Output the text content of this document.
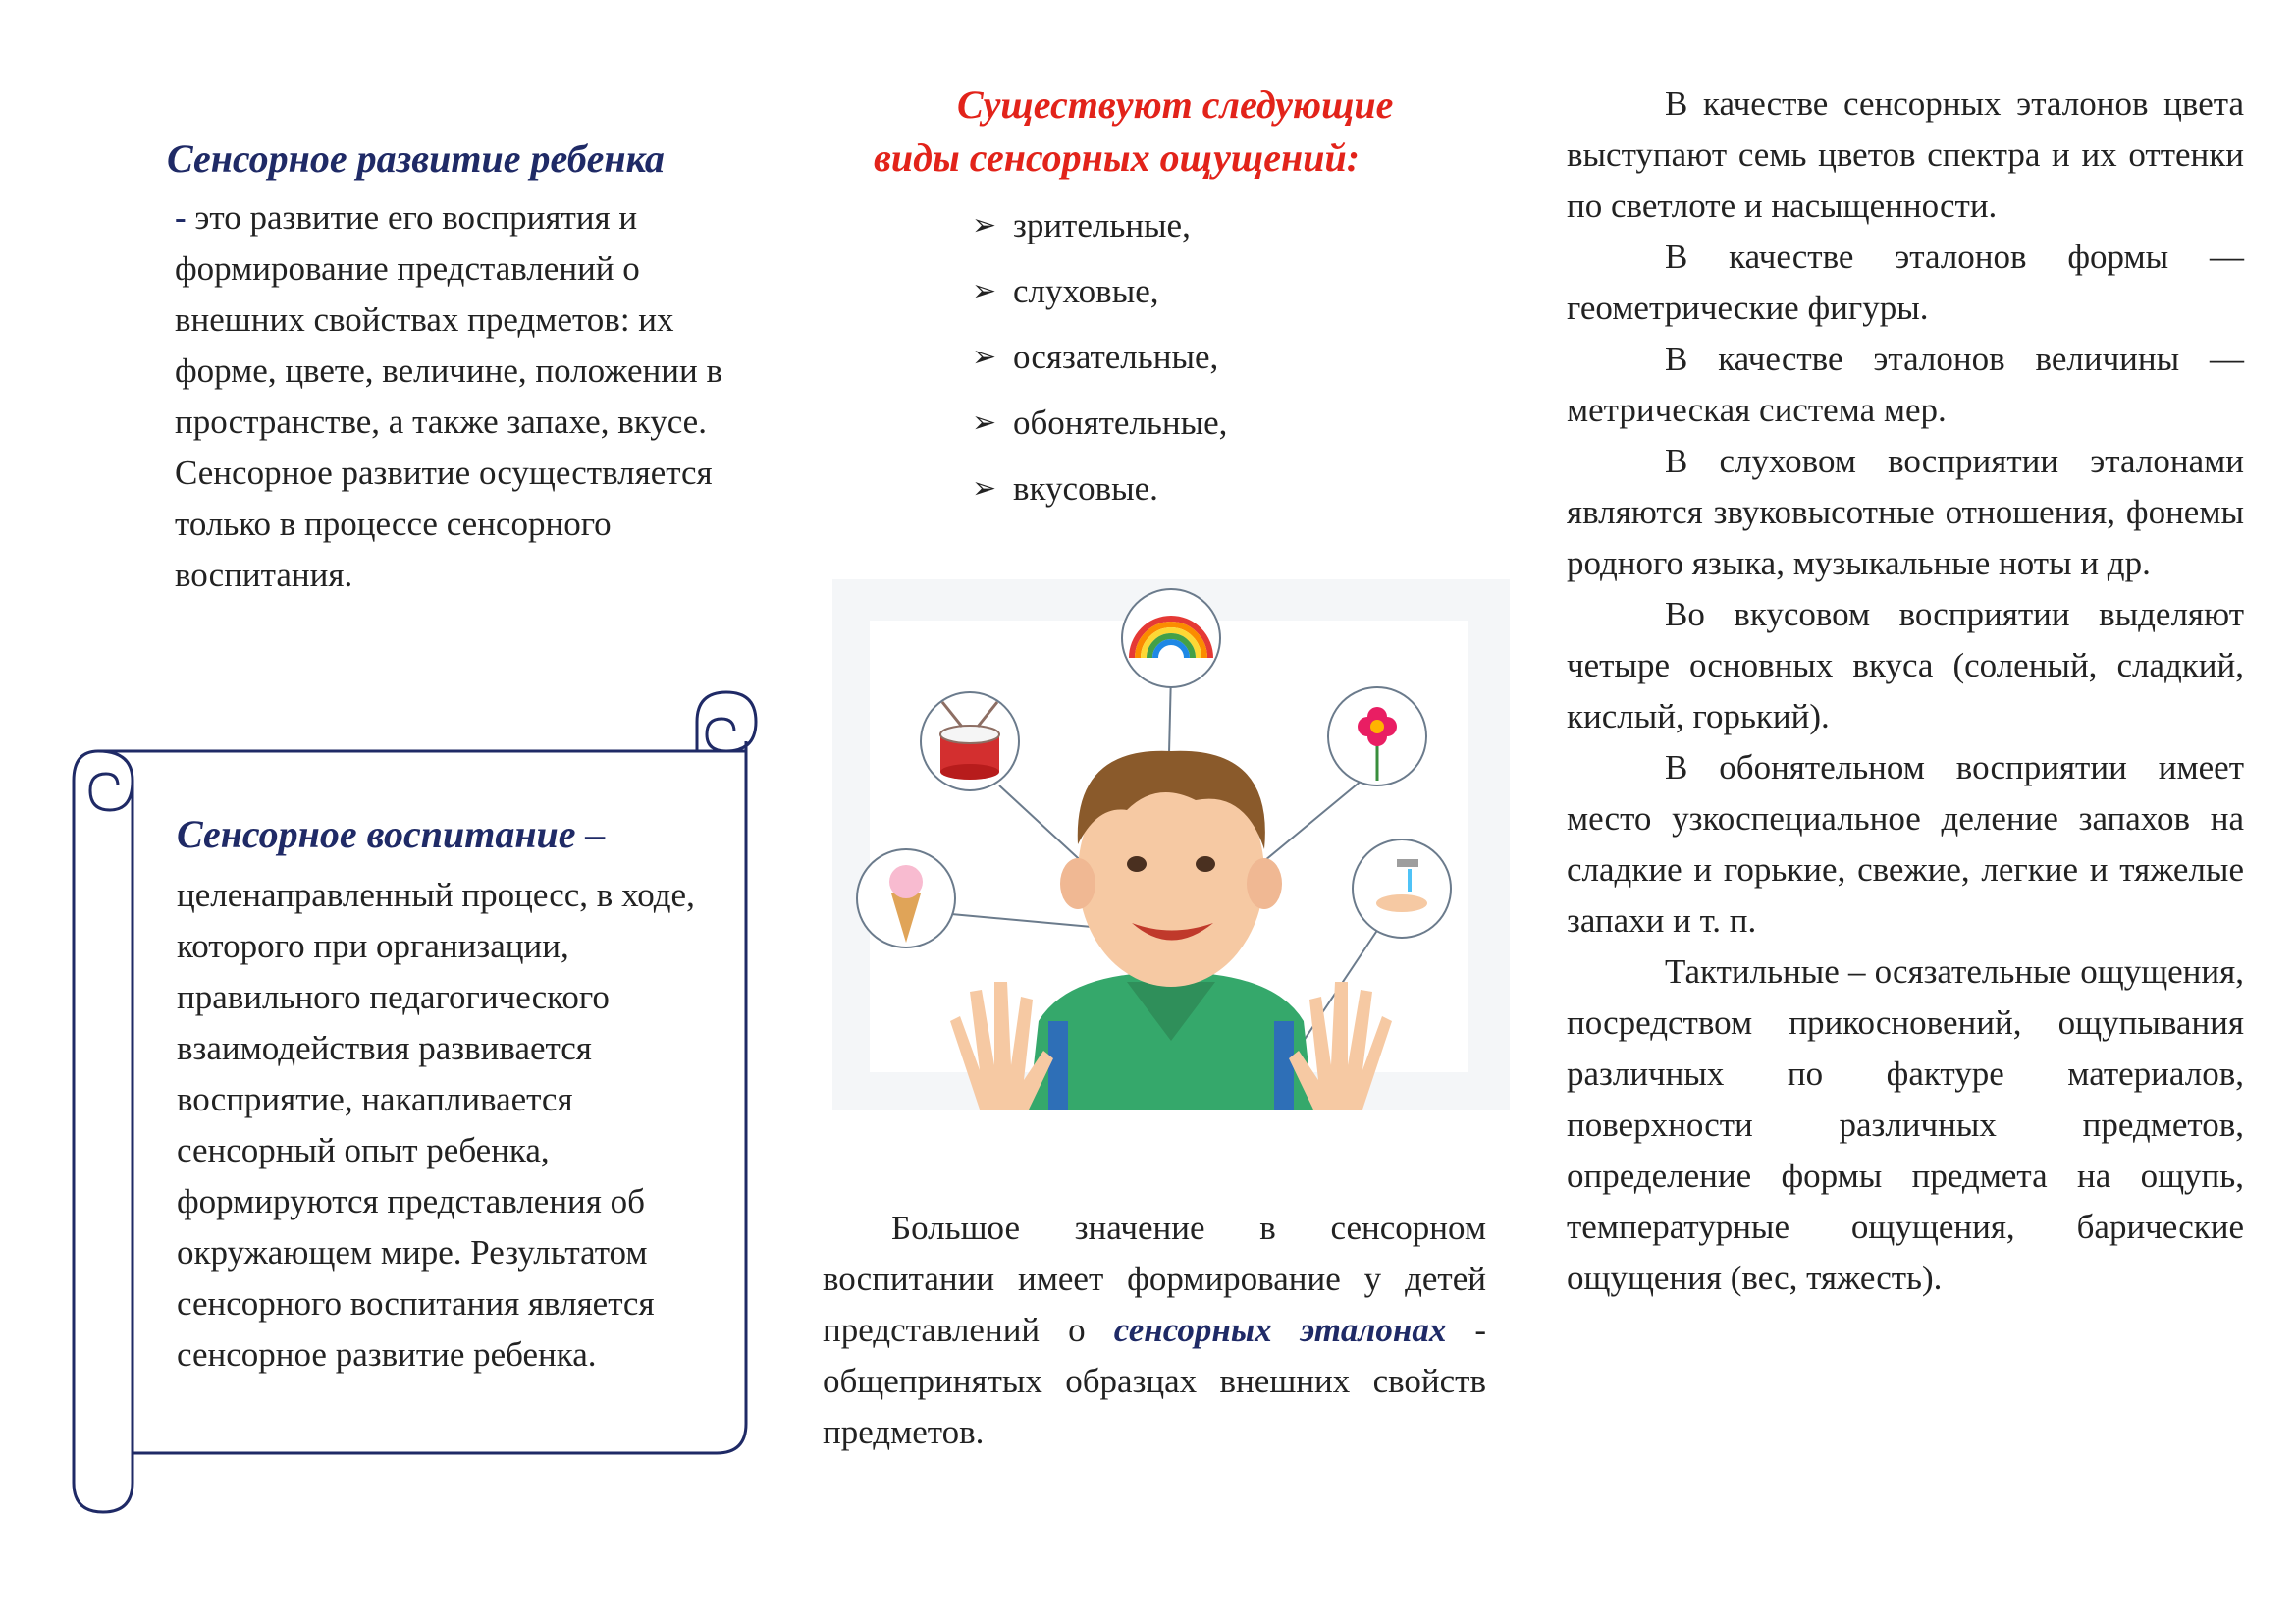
Сенсорное развитие ребенка
- это развитие его восприятия и формирование представлений о внешних свойствах предметов: их форме, цвете, величине, положении в пространстве, а также запахе, вкусе. Сенсорное развитие осуществляется только в процессе сенсорного воспитания.
Сенсорное воспитание –
целенаправленный процесс, в ходе, которого при организации, правильного педагогического взаимодействия развивается восприятие, накапливается сенсорный опыт ребенка, формируются представления об окружающем мире. Результатом сенсорного воспитания является сенсорное развитие ребенка.
Существуют следующие
виды сенсорных ощущений:
➢ зрительные,
➢ слуховые,
➢ осязательные,
➢ обонятельные,
➢ вкусовые.
  Большое значение в сенсорном воспитании имеет формирование у детей представлений о сенсорных эталонах - общепринятых образцах внешних свойств предметов.

В качестве сенсорных эталонов цвета выступают семь цветов спектра и их оттенки по светлоте и насыщенности.

В качестве эталонов формы — геометрические фигуры.

В качестве эталонов величины — метрическая система мер.

В слуховом восприятии эталонами являются звуковысотные отношения, фонемы родного языка, музыкальные ноты и др.

Во вкусовом восприятии выделяют четыре основных вкуса (соленый, сладкий, кислый, горький).

В обонятельном восприятии имеет место узкоспециальное деление запахов на сладкие и горькие, свежие, легкие и тяжелые запахи и т. п.

Тактильные – осязательные ощущения, посредством прикосновений, ощупывания различных по фактуре материалов, поверхности различных предметов, определение формы предмета на ощупь, температурные ощущения, барические ощущения (вес, тяжесть).
